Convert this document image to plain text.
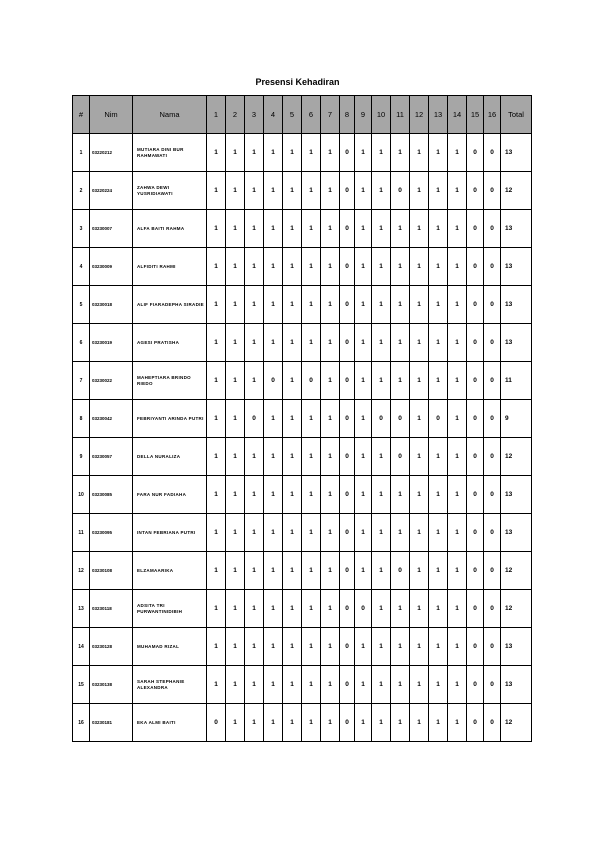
Presensi Kehadiran
#	Nim	Nama	1	2	3	4	5	6	7	8	9	10	11	12	13	14	15	16	Total
1	03220212	MUTIARA DINI BUR RAHMAWATI	1	1	1	1	1	1	1	0	1	1	1	1	1	1	0	0	13
2	03220224	ZAHWA DEWI YUSRIDIAWATI	1	1	1	1	1	1	1	0	1	1	0	1	1	1	0	0	12
3	03230007	ALFA BAITI RAHMA	1	1	1	1	1	1	1	0	1	1	1	1	1	1	0	0	13
4	03230009	ALFIDITI RAHMI	1	1	1	1	1	1	1	0	1	1	1	1	1	1	0	0	13
5	03230018	ALIF FIARADEPHA SIRADIE	1	1	1	1	1	1	1	0	1	1	1	1	1	1	0	0	13
6	03230019	AGESI PRATISHA	1	1	1	1	1	1	1	0	1	1	1	1	1	1	0	0	13
7	03230022	MAHEPTIARA BRINDO RIEDO	1	1	1	0	1	0	1	0	1	1	1	1	1	1	0	0	11
8	03230042	FEBRIYANTI ARINDA PUTRI	1	1	0	1	1	1	1	0	1	0	0	1	0	1	0	0	9
9	03230057	DELLA NURALIZA	1	1	1	1	1	1	1	0	1	1	0	1	1	1	0	0	12
10	03230085	FARA NUR FADIAHA	1	1	1	1	1	1	1	0	1	1	1	1	1	1	0	0	13
11	03230095	INTAN FEBRIANA PUTRI	1	1	1	1	1	1	1	0	1	1	1	1	1	1	0	0	13
12	03230108	ELZAMAARIKA	1	1	1	1	1	1	1	0	1	1	0	1	1	1	0	0	12
13	03230118	ADSITA TRI PURWANTINIDIBIH	1	1	1	1	1	1	1	0	0	1	1	1	1	1	0	0	12
14	03230128	MUHAMAD RIZAL	1	1	1	1	1	1	1	0	1	1	1	1	1	1	0	0	13
15	03230138	SARAH STEPHANIE ALEXANDRA	1	1	1	1	1	1	1	0	1	1	1	1	1	1	0	0	13
16	03230181	EKA ALMI BAITI	0	1	1	1	1	1	1	0	1	1	1	1	1	1	0	0	12
